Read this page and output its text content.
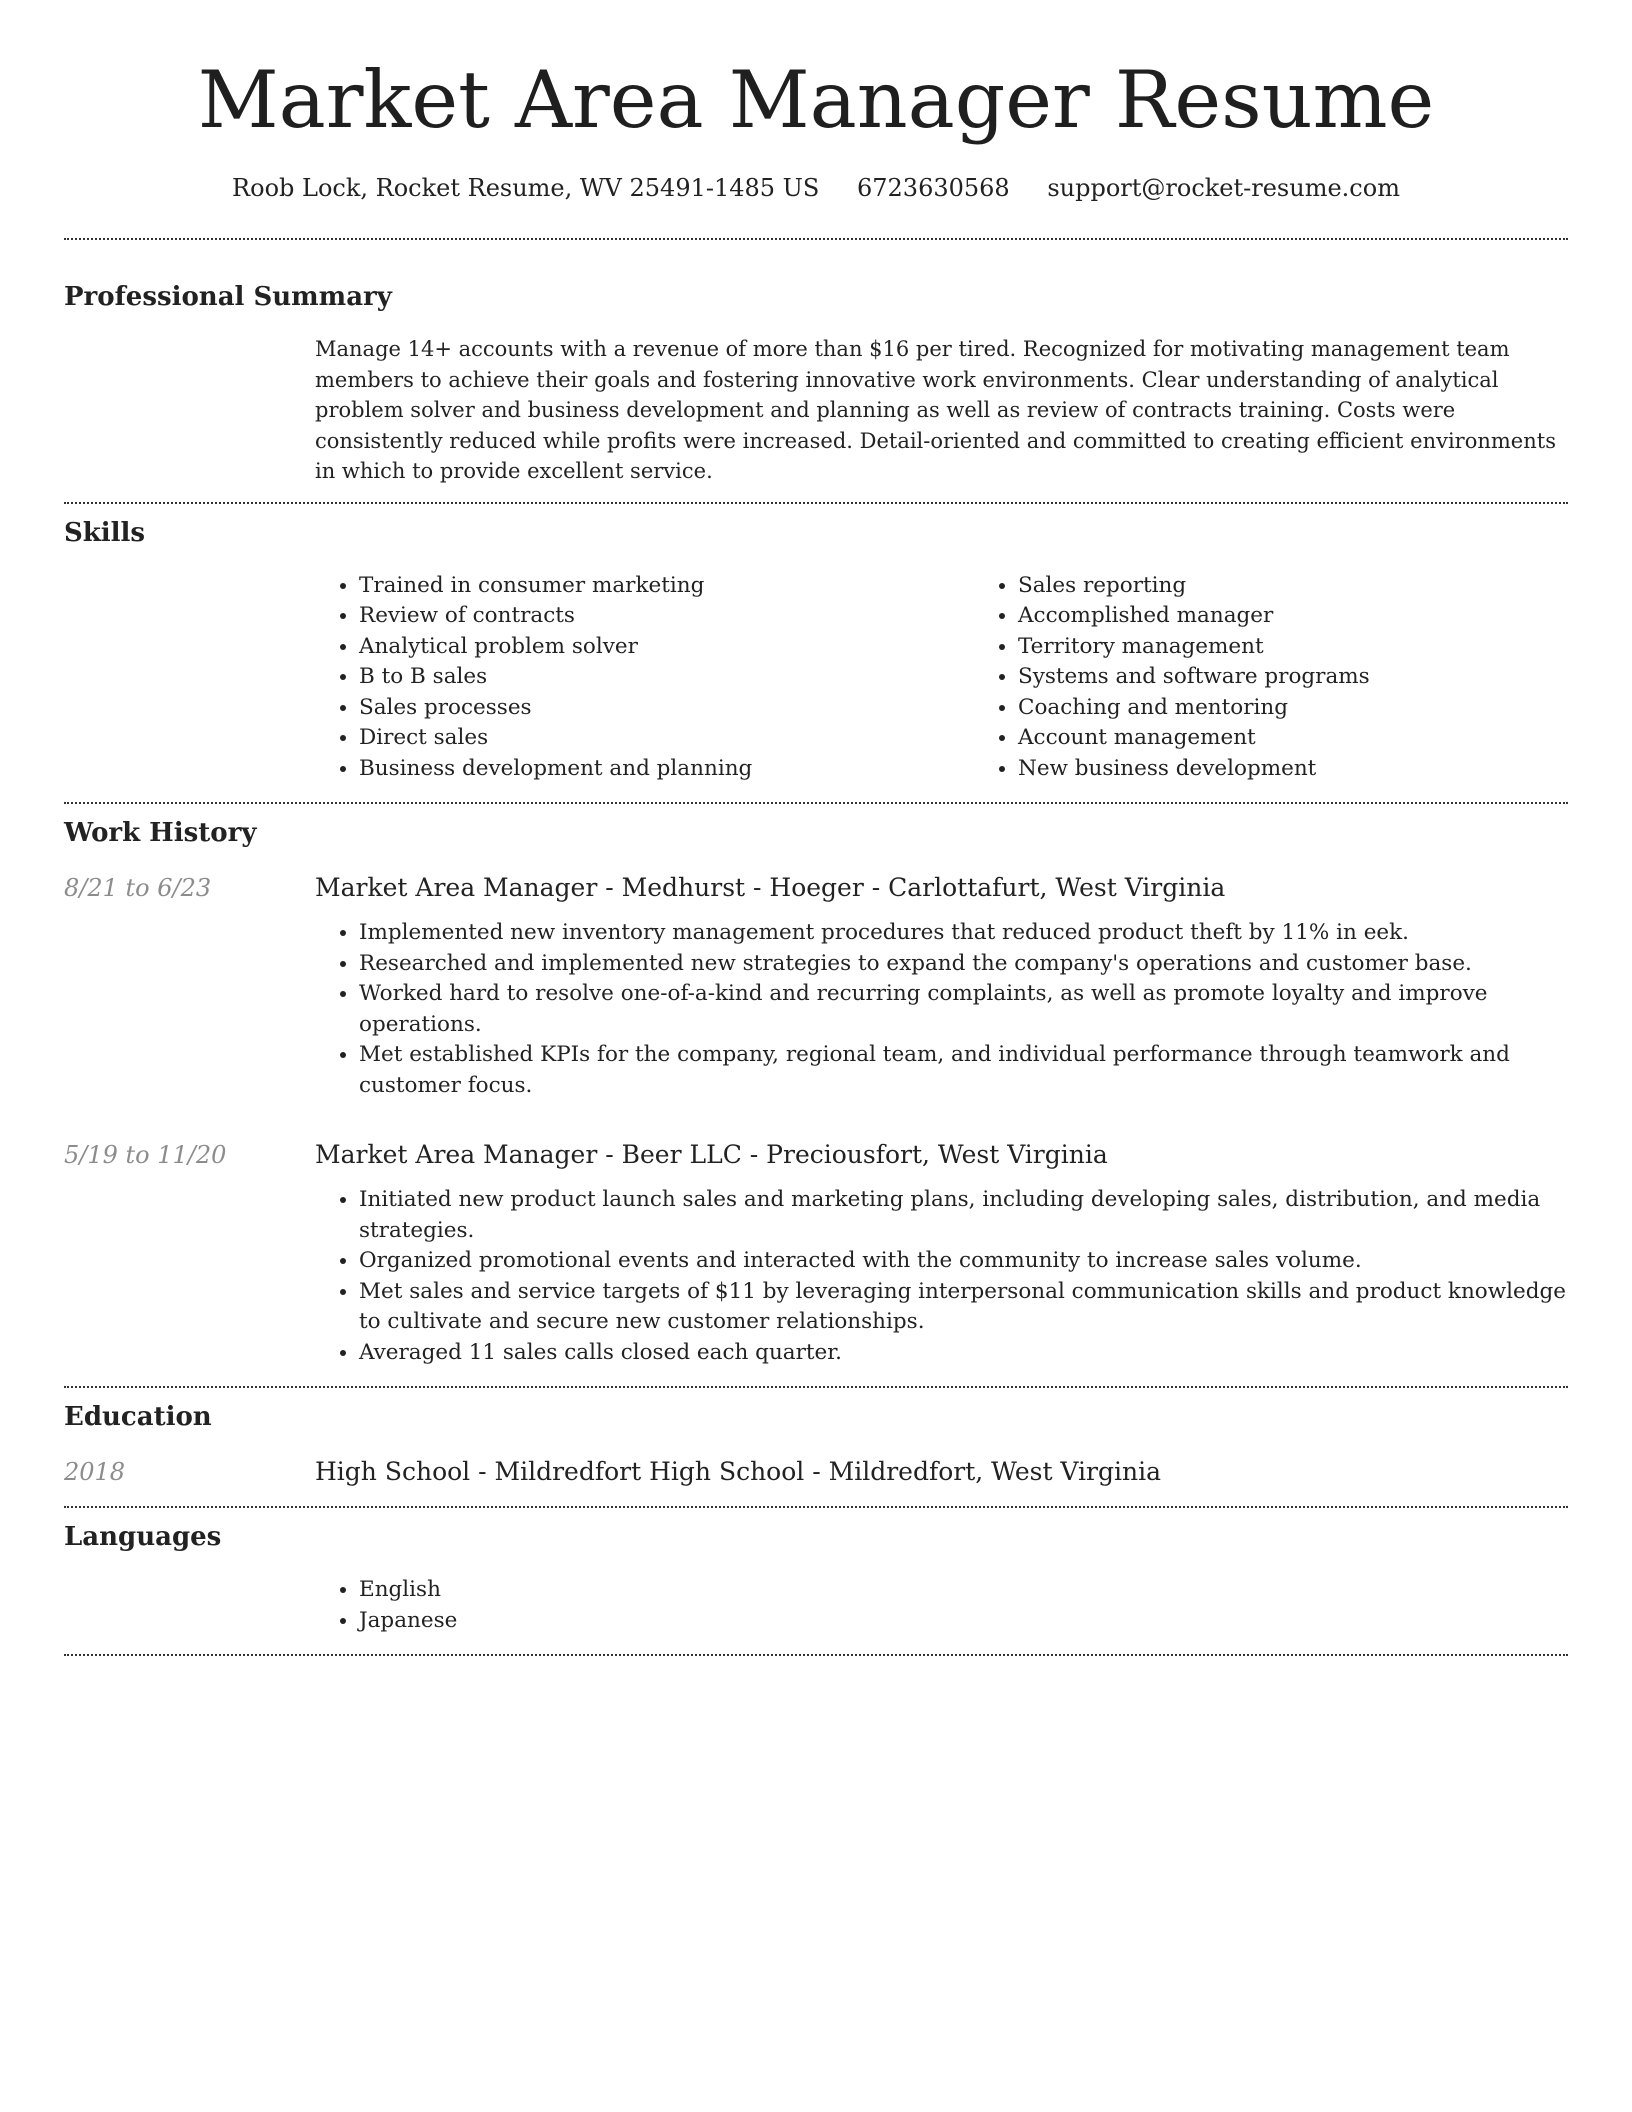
Market Area Manager Resume
Roob Lock, Rocket Resume, WV 25491-1485 US 6723630568 support@rocket-resume.com
Professional Summary
Manage 14+ accounts with a revenue of more than $16 per tired. Recognized for motivating management team members to achieve their goals and fostering innovative work environments. Clear understanding of analytical problem solver and business development and planning as well as review of contracts training. Costs were consistently reduced while profits were increased. Detail-oriented and committed to creating efficient environments in which to provide excellent service.
Skills
• Trained in consumer marketing
• Review of contracts
• Analytical problem solver
• B to B sales
• Sales processes
• Direct sales
• Business development and planning
• Sales reporting
• Accomplished manager
• Territory management
• Systems and software programs
• Coaching and mentoring
• Account management
• New business development
Work History
8/21 to 6/23	Market Area Manager - Medhurst - Hoeger - Carlottafurt, West Virginia
• Implemented new inventory management procedures that reduced product theft by 11% in eek.
• Researched and implemented new strategies to expand the company's operations and customer base.
• Worked hard to resolve one-of-a-kind and recurring complaints, as well as promote loyalty and improve operations.
• Met established KPIs for the company, regional team, and individual performance through teamwork and customer focus.
5/19 to 11/20	Market Area Manager - Beer LLC - Preciousfort, West Virginia
• Initiated new product launch sales and marketing plans, including developing sales, distribution, and media strategies.
• Organized promotional events and interacted with the community to increase sales volume.
• Met sales and service targets of $11 by leveraging interpersonal communication skills and product knowledge to cultivate and secure new customer relationships.
• Averaged 11 sales calls closed each quarter.
Education
2018	High School - Mildredfort High School - Mildredfort, West Virginia
Languages
• English
• Japanese
